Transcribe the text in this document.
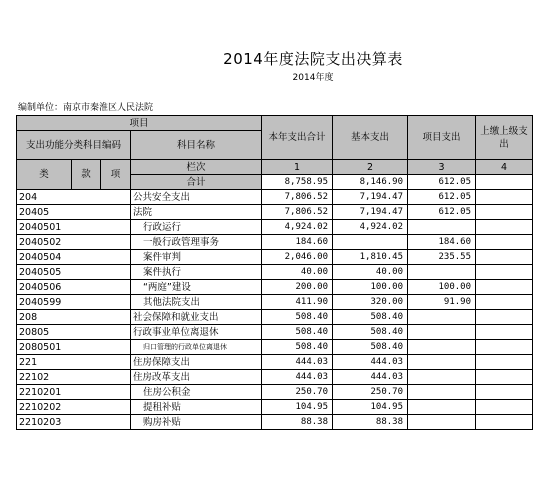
2014年度法院支出决算表
2014年度
编制单位：南京市秦淮区人民法院
项目				本年支出合计	基本支出	项目支出	上缴上级支出
支出功能分类科目编码			科目名称				

类	款	项	栏次	1	2	3	4
			合计	8,758.95	8,146.90	612.05	
204			公共安全支出	7,806.52	7,194.47	612.05	
20405			法院	7,806.52	7,194.47	612.05	
2040501			行政运行	4,924.02	4,924.02		
2040502			一般行政管理事务	184.60		184.60	
2040504			案件审判	2,046.00	1,810.45	235.55	
2040505			案件执行	40.00	40.00		
2040506			“两庭”建设	200.00	100.00	100.00	
2040599			其他法院支出	411.90	320.00	91.90	
208			社会保障和就业支出	508.40	508.40		
20805			行政事业单位离退休	508.40	508.40		
2080501			归口管理的行政单位离退休	508.40	508.40		
221			住房保障支出	444.03	444.03		
22102			住房改革支出	444.03	444.03		
2210201			住房公积金	250.70	250.70		
2210202			提租补贴	104.95	104.95		
2210203			购房补贴	88.38	88.38		
